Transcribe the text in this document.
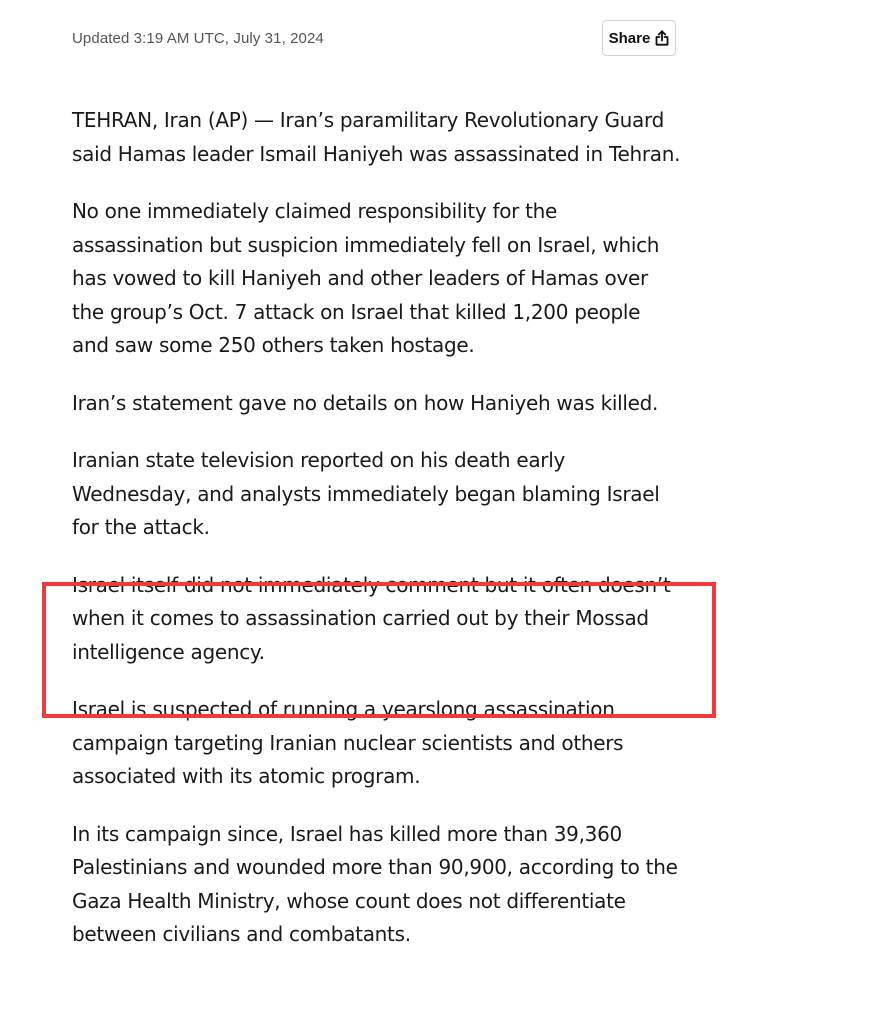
Updated 3:19 AM UTC, July 31, 2024	Share

TEHRAN, Iran (AP) — Iran’s paramilitary Revolutionary Guard said Hamas leader Ismail Haniyeh was assassinated in Tehran.

No one immediately claimed responsibility for the assassination but suspicion immediately fell on Israel, which has vowed to kill Haniyeh and other leaders of Hamas over the group’s Oct. 7 attack on Israel that killed 1,200 people and saw some 250 others taken hostage.

Iran’s statement gave no details on how Haniyeh was killed.

Iranian state television reported on his death early Wednesday, and analysts immediately began blaming Israel for the attack.

Israel itself did not immediately comment but it often doesn’t when it comes to assassination carried out by their Mossad intelligence agency.

Israel is suspected of running a yearslong assassination campaign targeting Iranian nuclear scientists and others associated with its atomic program.

In its campaign since, Israel has killed more than 39,360 Palestinians and wounded more than 90,900, according to the Gaza Health Ministry, whose count does not differentiate between civilians and combatants.
